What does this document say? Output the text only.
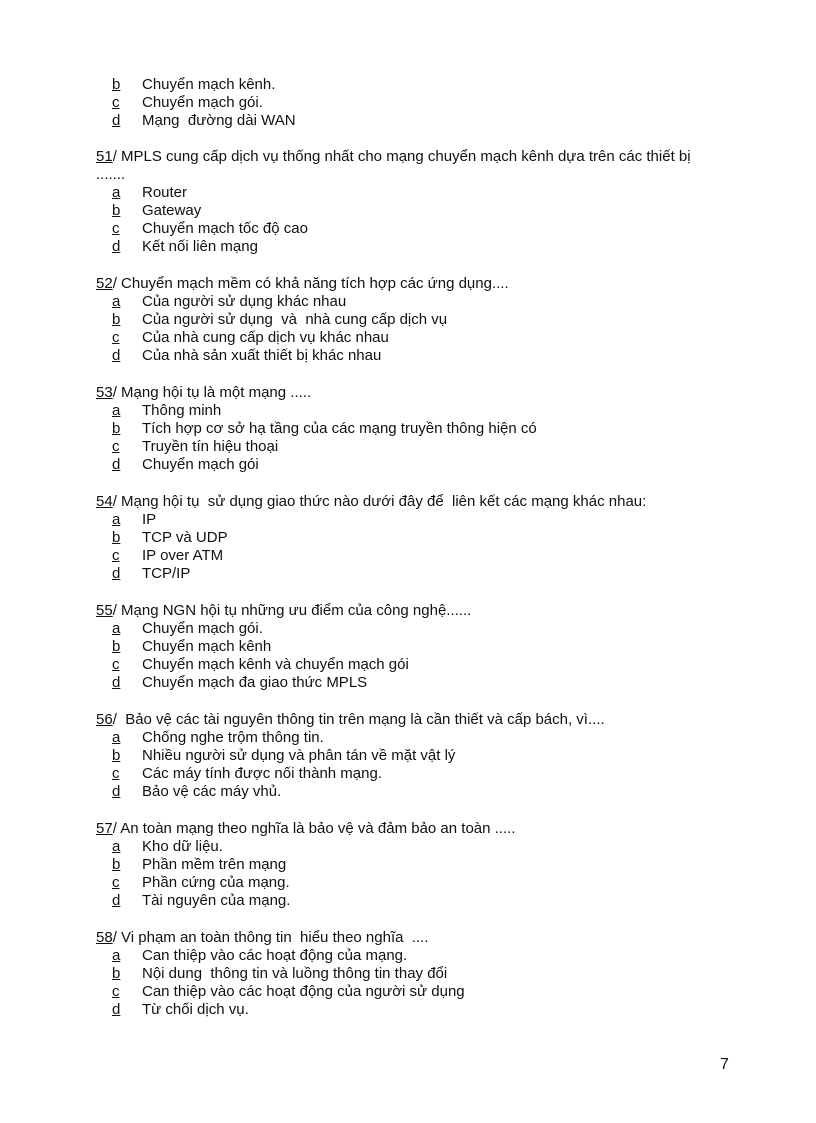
b Chuyển mạch kênh.
c Chuyển mạch gói.
d Mạng  đường dài WAN
51/ MPLS cung cấp dịch vụ thống nhất cho mạng chuyển mạch kênh dựa trên các thiết bị .......
a Router
b Gateway
c Chuyển mạch tốc độ cao
d Kết nối liên mạng
52/ Chuyển mạch mềm có khả năng tích hợp các ứng dụng....
a Của người sử dụng khác nhau
b Của người sử dụng  và  nhà cung cấp dịch vụ
c Của nhà cung cấp dịch vụ khác nhau
d Của nhà sản xuất thiết bị khác nhau
53/ Mạng hội tụ là một mạng .....
a Thông minh
b Tích hợp cơ sở hạ tầng của các mạng truyền thông hiện có
c Truyền tín hiệu thoại
d Chuyển mạch gói
54/ Mạng hội tụ  sử dụng giao thức nào dưới đây để  liên kết các mạng khác nhau:
a IP
b TCP và UDP
c IP over ATM
d TCP/IP
55/ Mạng NGN hội tụ những ưu điểm của công nghệ......
a Chuyển mạch gói.
b Chuyển mạch kênh
c Chuyển mạch kênh và chuyển mạch gói
d Chuyển mạch đa giao thức MPLS
56/  Bảo vệ các tài nguyên thông tin trên mạng là cần thiết và cấp bách, vì....
a Chống nghe trộm thông tin.
b Nhiều người sử dụng và phân tán về mặt vật lý
c Các máy tính được nối thành mạng.
d Bảo vệ các máy vhủ.
57/ An toàn mạng theo nghĩa là bảo vệ và đảm bảo an toàn .....
a Kho dữ liệu.
b Phần mềm trên mạng
c Phần cứng của mạng.
d Tài nguyên của mạng.
58/ Vi phạm an toàn thông tin  hiểu theo nghĩa  ....
a Can thiệp vào các hoạt động của mạng.
b Nội dung  thông tin và luồng thông tin thay đổi
c Can thiệp vào các hoạt động của người sử dụng
d Từ chối dịch vụ.
7
